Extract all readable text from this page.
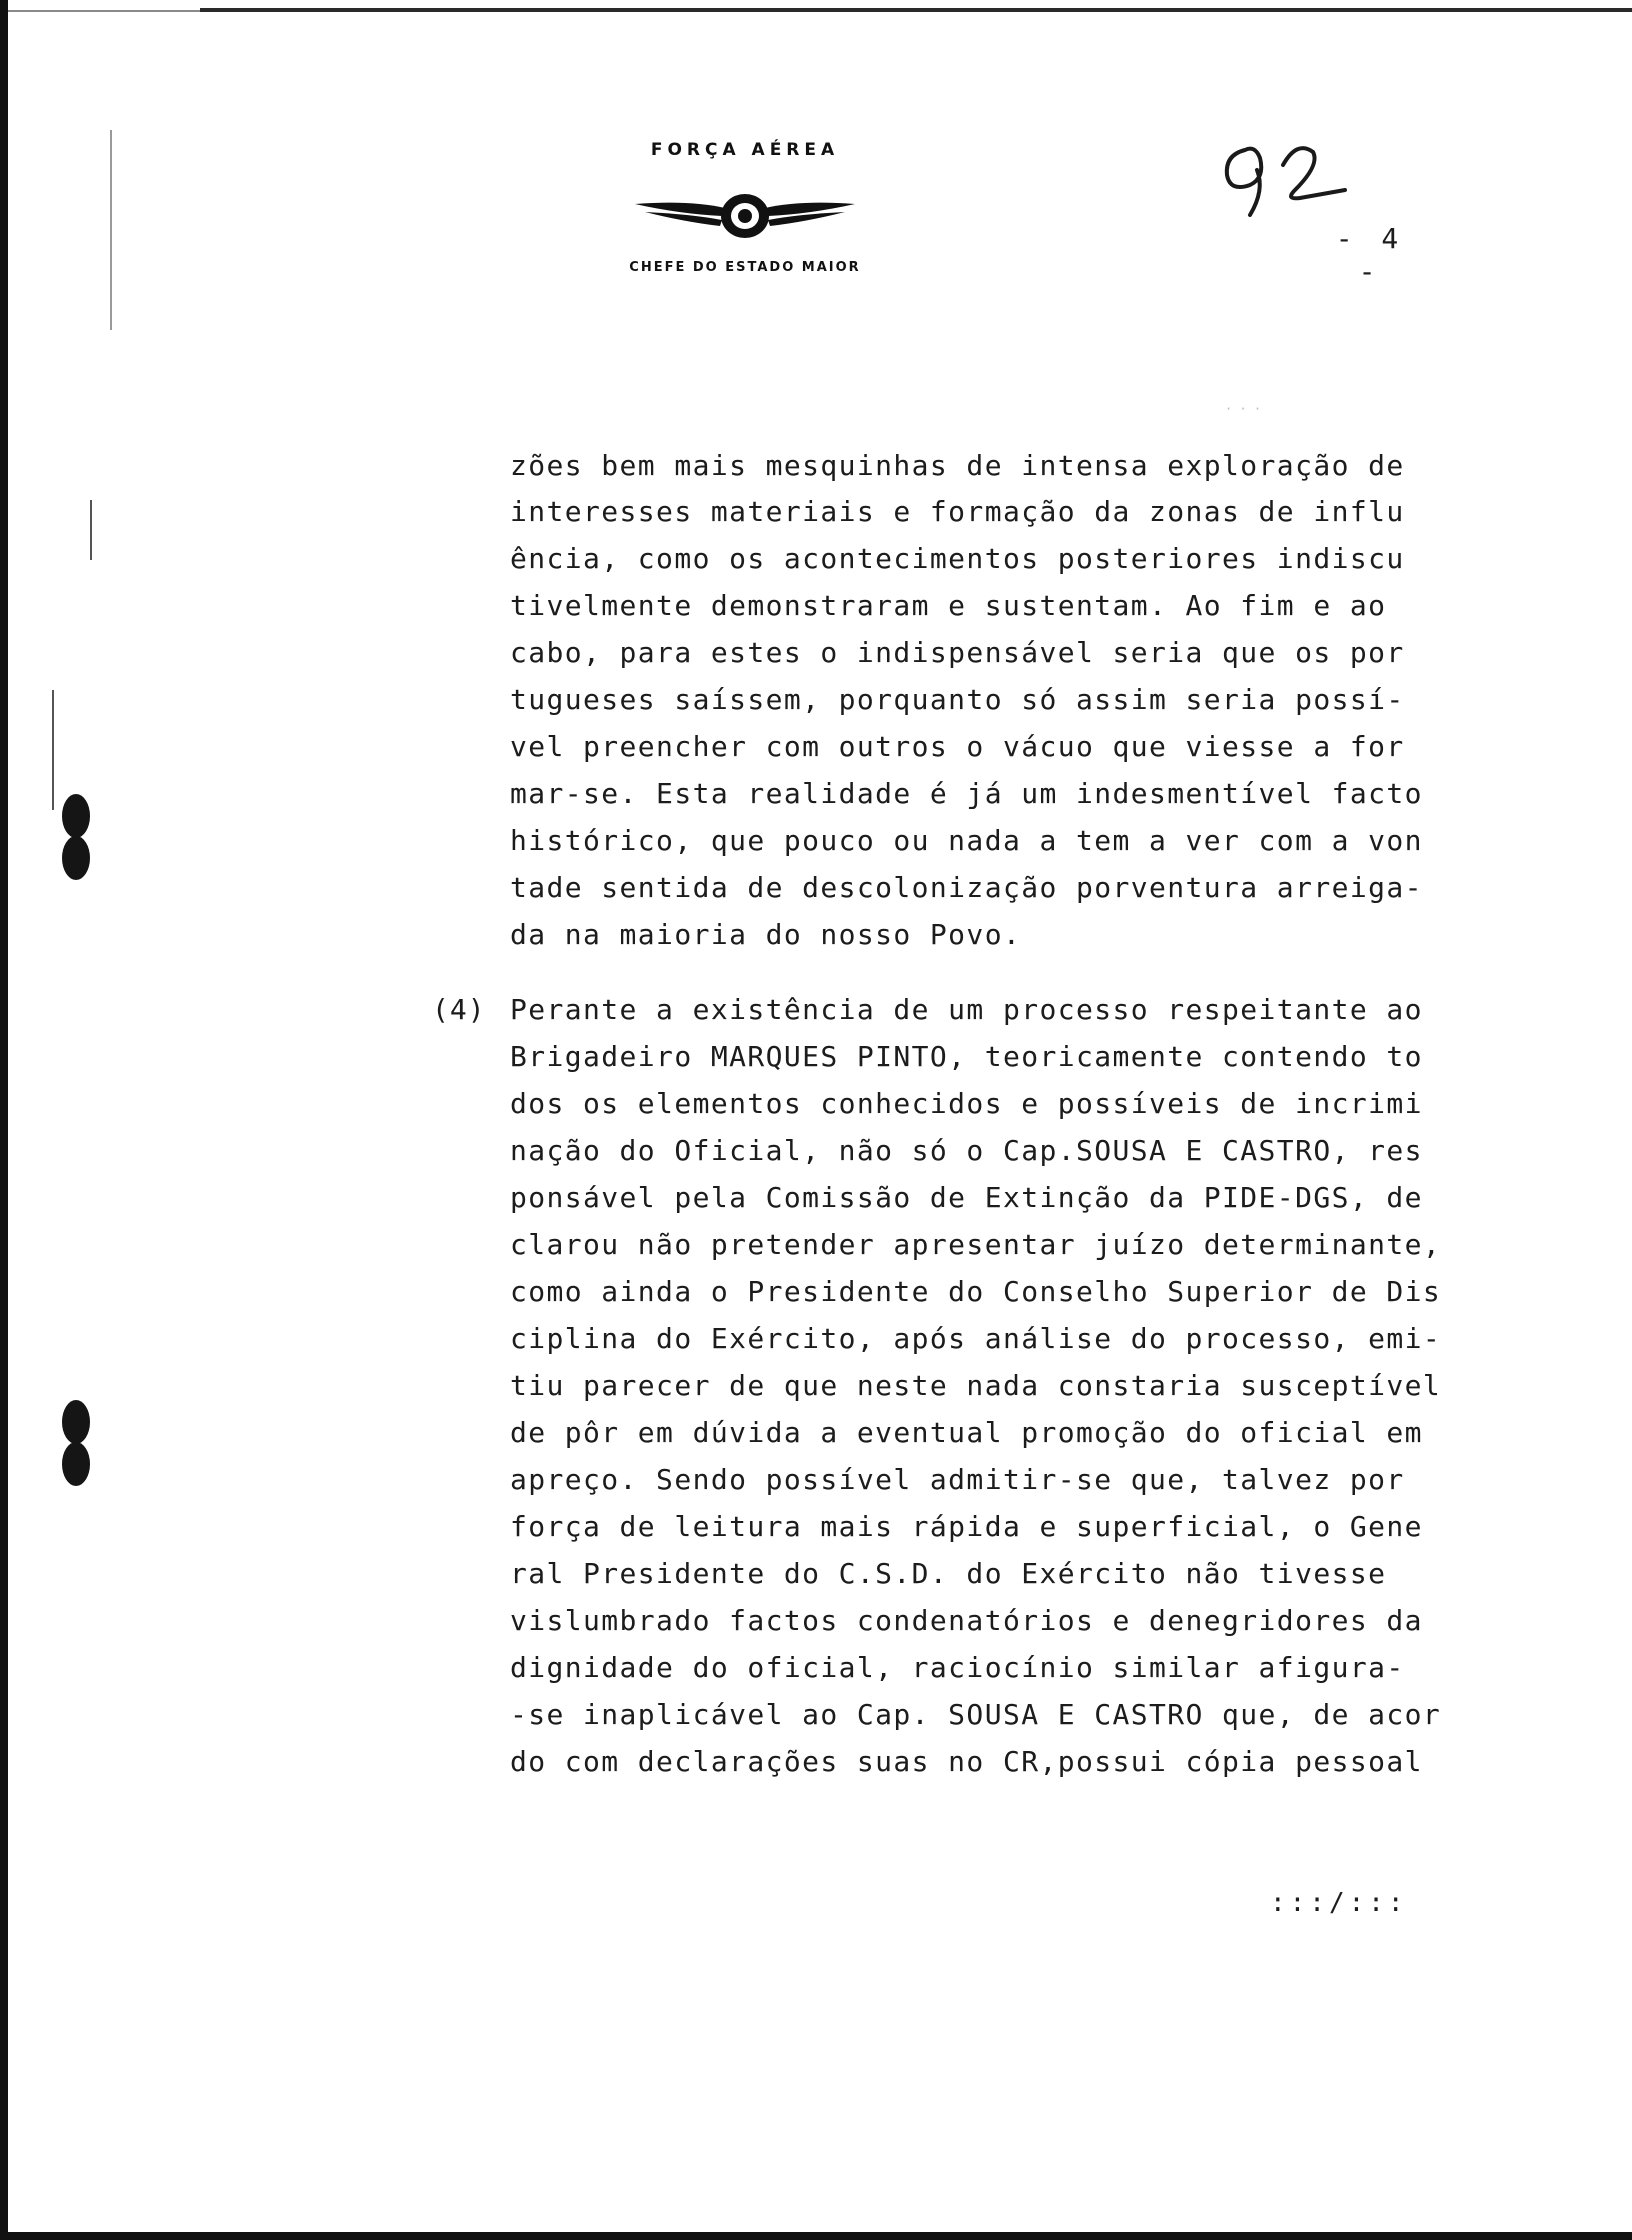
FORÇA AÉREA
CHEFE DO ESTADO MAIOR
- 4 -
· · ·
zões bem mais mesquinhas de intensa exploração de
interesses materiais e formação da zonas de influ
ência, como os acontecimentos posteriores indiscu
tivelmente demonstraram e sustentam. Ao fim e ao
cabo, para estes o indispensável seria que os por
tugueses saíssem, porquanto só assim seria possí-
vel preencher com outros o vácuo que viesse a for
mar-se. Esta realidade é já um indesmentível facto
histórico, que pouco ou nada a tem a ver com a von
tade sentida de descolonização porventura arreiga-
da na maioria do nosso Povo.
(4) Perante a existência de um processo respeitante ao
Brigadeiro MARQUES PINTO, teoricamente contendo to
dos os elementos conhecidos e possíveis de incrimi
nação do Oficial, não só o Cap.SOUSA E CASTRO, res
ponsável pela Comissão de Extinção da PIDE-DGS, de
clarou não pretender apresentar juízo determinante,
como ainda o Presidente do Conselho Superior de Dis
ciplina do Exército, após análise do processo, emi-
tiu parecer de que neste nada constaria susceptível
de pôr em dúvida a eventual promoção do oficial em
apreço. Sendo possível admitir-se que, talvez por
força de leitura mais rápida e superficial, o Gene
ral Presidente do C.S.D. do Exército não tivesse
vislumbrado factos condenatórios e denegridores da
dignidade do oficial, raciocínio similar afigura-
-se inaplicável ao Cap. SOUSA E CASTRO que, de acor
do com declarações suas no CR,possui cópia pessoal
:::/:::
